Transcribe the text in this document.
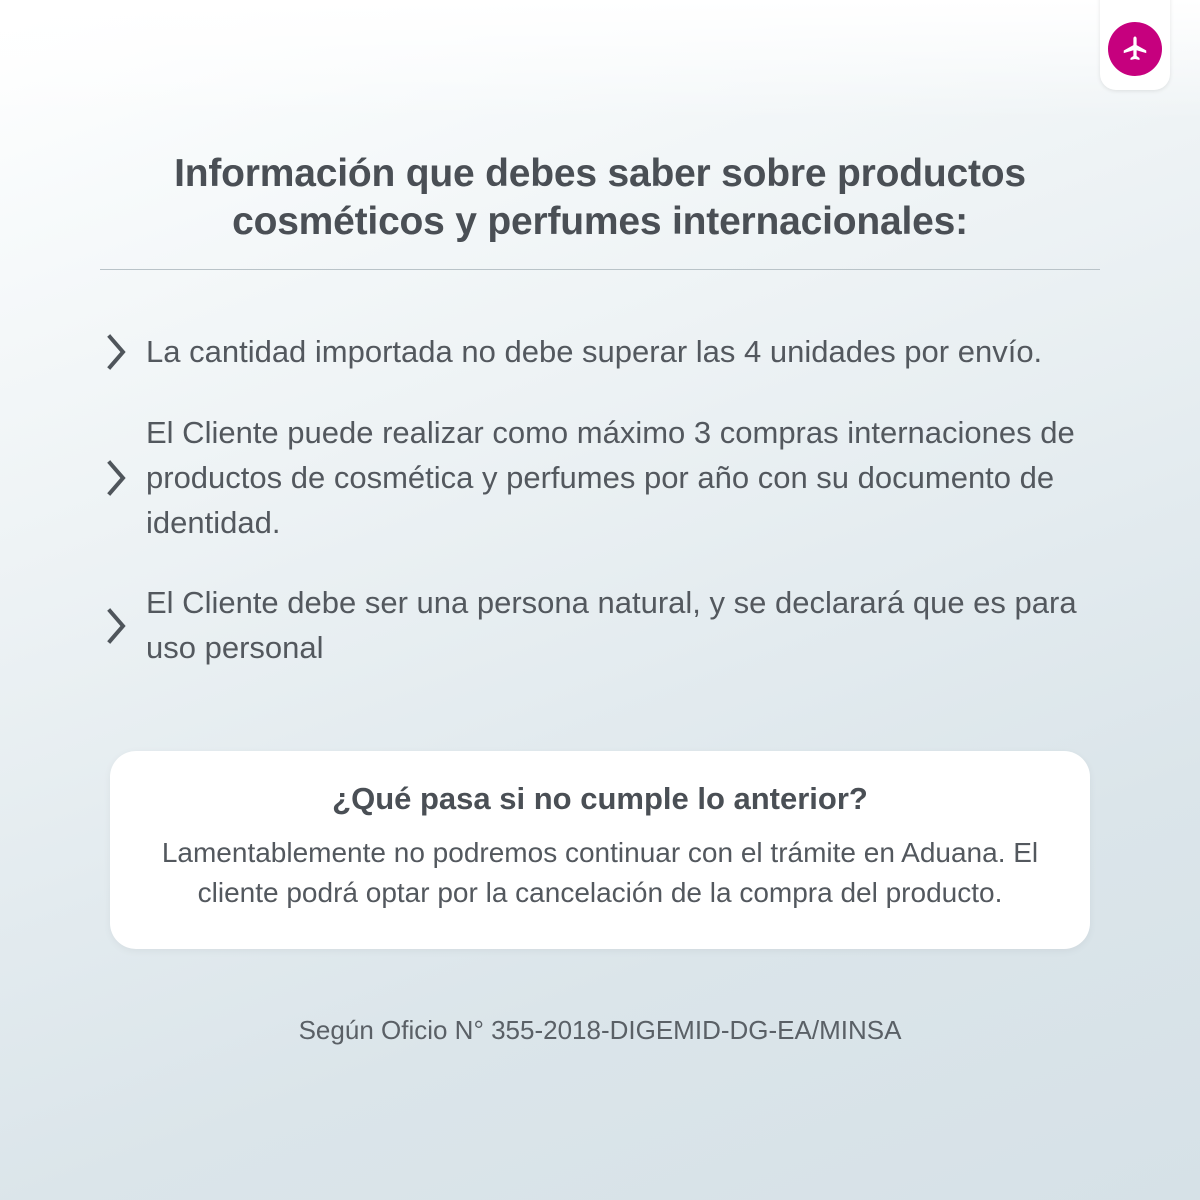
Información que debes saber sobre productos
cosméticos y perfumes internacionales:
La cantidad importada no debe superar las 4 unidades por envío.
El Cliente puede realizar como máximo 3 compras internaciones de productos de cosmética y perfumes por año con su documento de identidad.
El Cliente debe ser una persona natural, y se declarará que es para uso personal

¿Qué pasa si no cumple lo anterior?

Lamentablemente no podremos continuar con el trámite en Aduana. El cliente podrá optar por la cancelación de la compra del producto.

Según Oficio N° 355-2018-DIGEMID-DG-EA/MINSA
